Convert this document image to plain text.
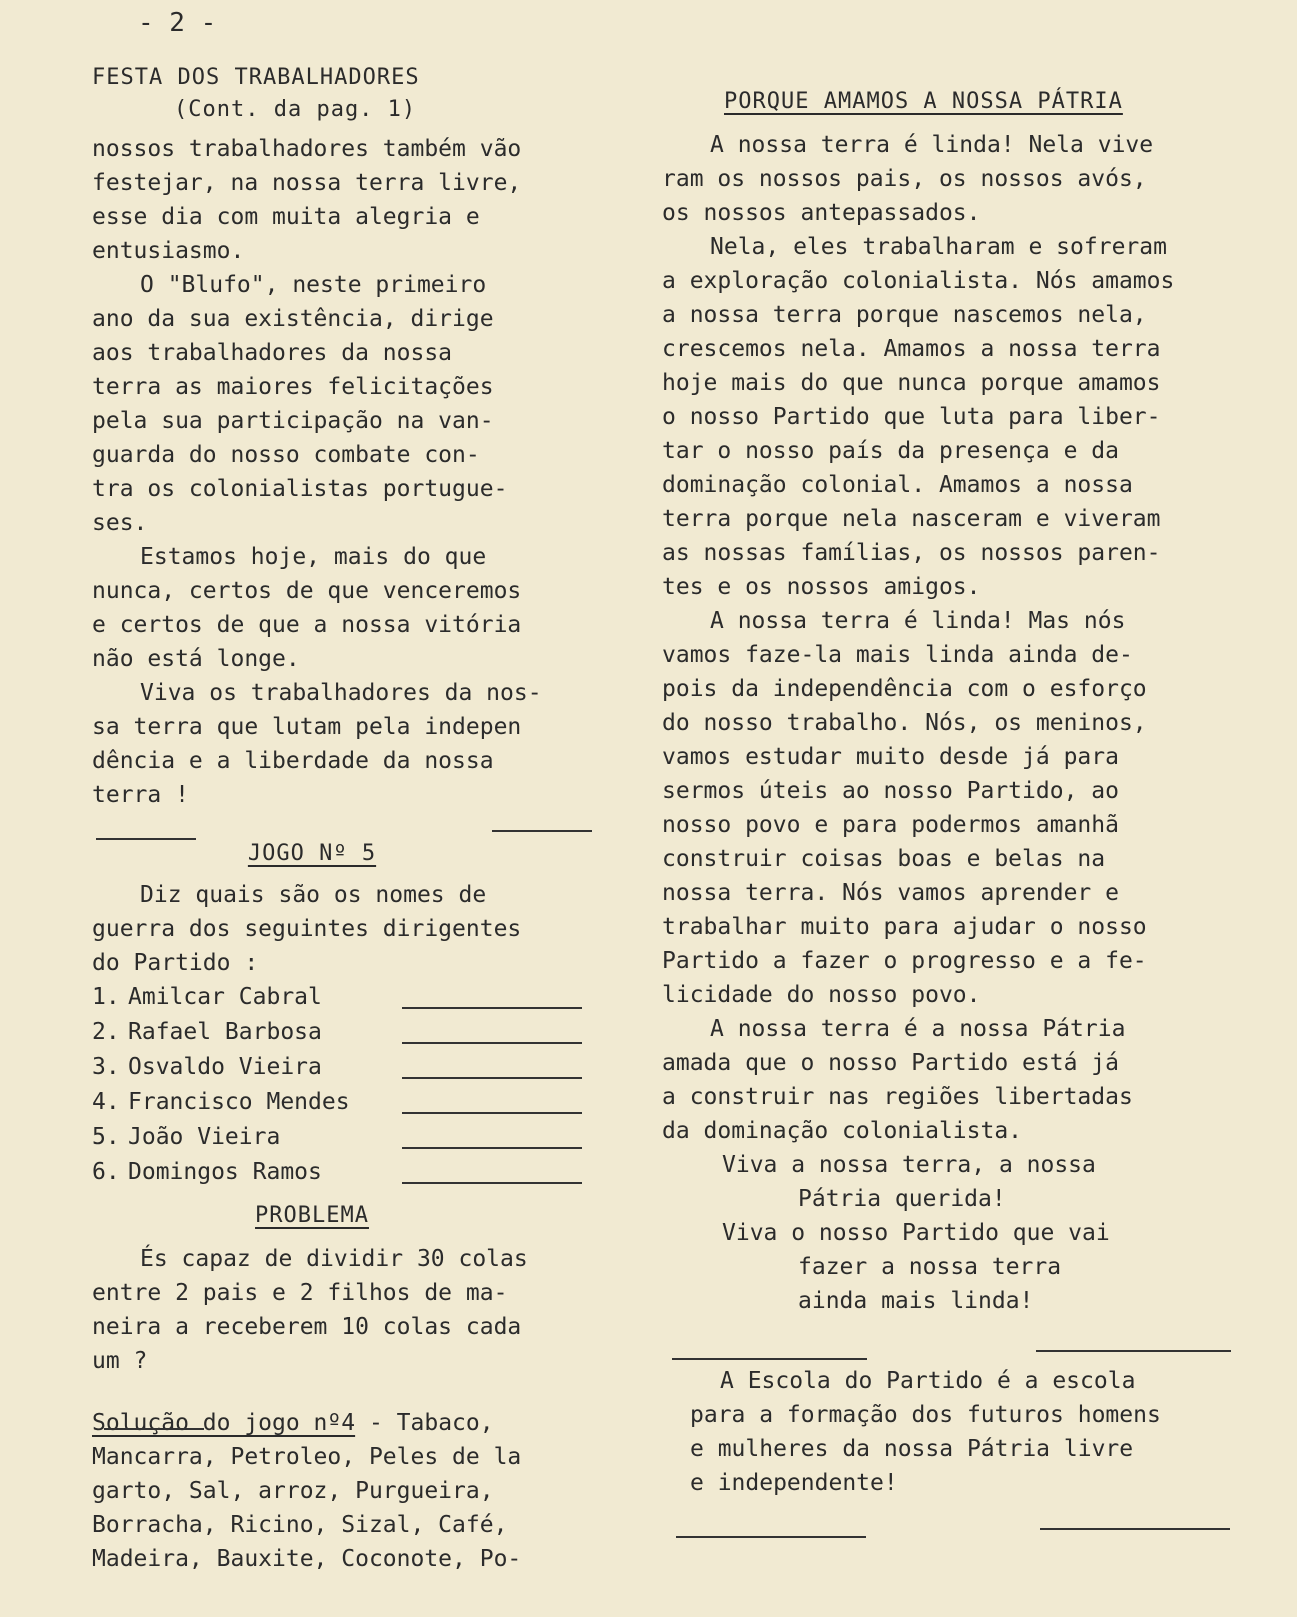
- 2 -
FESTA DOS TRABALHADORES
(Cont. da pag. 1)
nossos trabalhadores também vão
festejar, na nossa terra livre,
esse dia com muita alegria e
entusiasmo.
O "Blufo", neste primeiro
ano da sua existência, dirige
aos trabalhadores da nossa
terra as maiores felicitações
pela sua participação na van-
guarda do nosso combate con-
tra os colonialistas portugue-
ses.
Estamos hoje, mais do que
nunca, certos de que venceremos
e certos de que a nossa vitória
não está longe.
Viva os trabalhadores da nos-
sa terra que lutam pela indepen
dência e a liberdade da nossa
terra !
JOGO Nº 5
Diz quais são os nomes de
guerra dos seguintes dirigentes
do Partido :
1. Amilcar Cabral
2. Rafael Barbosa
3. Osvaldo Vieira
4. Francisco Mendes
5. João Vieira
6. Domingos Ramos
PROBLEMA
És capaz de dividir 30 colas
entre 2 pais e 2 filhos de ma-
neira a receberem 10 colas cada
um ?
Solução do jogo nº4 - Tabaco,
Mancarra, Petroleo, Peles de la
garto, Sal, arroz, Purgueira,
Borracha, Ricino, Sizal, Café,
Madeira, Bauxite, Coconote, Po-
PORQUE AMAMOS A NOSSA PÁTRIA
A nossa terra é linda! Nela vive
ram os nossos pais, os nossos avós,
os nossos antepassados.
Nela, eles trabalharam e sofreram
a exploração colonialista. Nós amamos
a nossa terra porque nascemos nela,
crescemos nela. Amamos a nossa terra
hoje mais do que nunca porque amamos
o nosso Partido que luta para liber-
tar o nosso país da presença e da
dominação colonial. Amamos a nossa
terra porque nela nasceram e viveram
as nossas famílias, os nossos paren-
tes e os nossos amigos.
A nossa terra é linda! Mas nós
vamos faze-la mais linda ainda de-
pois da independência com o esforço
do nosso trabalho. Nós, os meninos,
vamos estudar muito desde já para
sermos úteis ao nosso Partido, ao
nosso povo e para podermos amanhã
construir coisas boas e belas na
nossa terra. Nós vamos aprender e
trabalhar muito para ajudar o nosso
Partido a fazer o progresso e a fe-
licidade do nosso povo.
A nossa terra é a nossa Pátria
amada que o nosso Partido está já
a construir nas regiões libertadas
da dominação colonialista.
Viva a nossa terra, a nossa
Pátria querida!
Viva o nosso Partido que vai
fazer a nossa terra
ainda mais linda!
A Escola do Partido é a escola
para a formação dos futuros homens
e mulheres da nossa Pátria livre
e independente!
